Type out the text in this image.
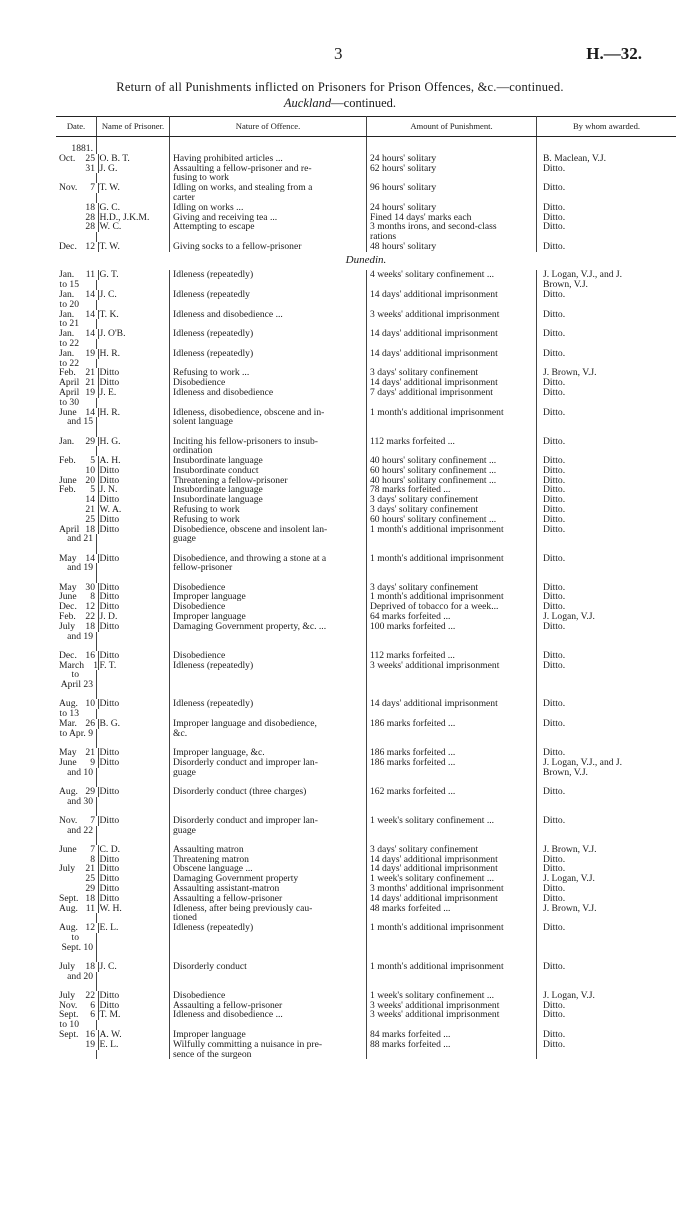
3	H.—32.
Return of all Punishments inflicted on Prisoners for Prison Offences, &c.—continued.
Auckland—continued.
Date.	Name of Prisoner.	Nature of Offence.	Amount of Punishment.	By whom awarded.

1881.				

Oct.	25 O. B. T.	Having prohibited articles ...	24 hours' solitary	B. Maclean, V.J.

31 J. G.	Assaulting a fellow-prisoner and re-	62 hours' solitary	Ditto.
		fusing to work		

Nov.	7 T. W.	Idling on works, and stealing from a	96 hours' solitary	Ditto.
		carter		

18 G. C.	Idling on works ...	24 hours' solitary	Ditto.

28 H.D., J.K.M.	Giving and receiving tea ...	Fined 14 days' marks each	Ditto.

28 W. C.	Attempting to escape	3 months irons, and second-class	Ditto.
			rations	

Dec. 12 T. W.	Giving socks to a fellow-prisoner	48 hours' solitary	Ditto.
Dunedin.				

Jan.	11 G. T.	Idleness (repeatedly)	4 weeks' solitary confinement ...	J. Logan, V.J., and J.
to 15				Brown, V.J.

Jan.	14 J. C.	Idleness (repeatedly	14 days' additional imprisonment	Ditto.
to 20				

Jan.	14 T. K.	Idleness and disobedience ...	3 weeks' additional imprisonment	Ditto.
to 21				

Jan.	14 J. O'B.	Idleness (repeatedly)	14 days' additional imprisonment	Ditto.
to 22				

Jan.	19 H. R.	Idleness (repeatedly)	14 days' additional imprisonment	Ditto.
to 22				

Feb.	21 Ditto	Refusing to work ...	3 days' solitary confinement	J. Brown, V.J.

April 21 Ditto	Disobedience	14 days' additional imprisonment	Ditto.

April 19 J. E.	Idleness and disobedience	7 days' additional imprisonment	Ditto.
to 30				

June 14 H. R.	Idleness, disobedience, obscene and in-	1 month's additional imprisonment	Ditto.
and 15		solent language		

Jan.	29 H. G.	Inciting his fellow-prisoners to insub-	112 marks forfeited ...	Ditto.
		ordination		

Feb.	5 A. H.	Insubordinate language	40 hours' solitary confinement ...	Ditto.

10 Ditto	Insubordinate conduct	60 hours' solitary confinement ...	Ditto.

June 20 Ditto	Threatening a fellow-prisoner	40 hours' solitary confinement ...	Ditto.

Feb.	5 J. N.	Insubordinate language	78 marks forfeited ...	Ditto.

14 Ditto	Insubordinate language	3 days' solitary confinement	Ditto.

21 W. A.	Refusing to work	3 days' solitary confinement	Ditto.

25 Ditto	Refusing to work	60 hours' solitary confinement ...	Ditto.

April 18 Ditto	Disobedience, obscene and insolent lan-	1 month's additional imprisonment	Ditto.
and 21		guage		

May 14 Ditto	Disobedience, and throwing a stone at a	1 month's additional imprisonment	Ditto.
and 19		fellow-prisoner		

May 30 Ditto	Disobedience	3 days' solitary confinement	Ditto.

June	8 Ditto	Improper language	1 month's additional imprisonment	Ditto.

Dec. 12 Ditto	Disobedience	Deprived of tobacco for a week...	Ditto.

Feb.	22 J. D.	Improper language	64 marks forfeited ...	J. Logan, V.J.

July	18 Ditto	Damaging Government property, &c. ...	100 marks forfeited ...	Ditto.
and 19				

Dec. 16 Ditto	Disobedience	112 marks forfeited ...	Ditto.

March 1 F. T.	Idleness (repeatedly)	3 weeks' additional imprisonment	Ditto.
to				
April 23				

Aug. 10 Ditto	Idleness (repeatedly)	14 days' additional imprisonment	Ditto.
to 13				

Mar. 26 B. G.	Improper language and disobedience,	186 marks forfeited ...	Ditto.
to Apr. 9		&c.		

May 21 Ditto	Improper language, &c.	186 marks forfeited ...	Ditto.

June	9 Ditto	Disorderly conduct and improper lan-	186 marks forfeited ...	J. Logan, V.J., and J.
and 10		guage		Brown, V.J.

Aug. 29 Ditto	Disorderly conduct (three charges)	162 marks forfeited ...	Ditto.
and 30				

Nov.	7 Ditto	Disorderly conduct and improper lan-	1 week's solitary confinement ...	Ditto.
and 22		guage		

June	7 C. D.	Assaulting matron	3 days' solitary confinement	J. Brown, V.J.

8 Ditto	Threatening matron	14 days' additional imprisonment	Ditto.

July	21 Ditto	Obscene language ...	14 days' additional imprisonment	Ditto.

25 Ditto	Damaging Government property	1 week's solitary confinement ...	J. Logan, V.J.

29 Ditto	Assaulting assistant-matron	3 months' additional imprisonment	Ditto.

Sept. 18 Ditto	Assaulting a fellow-prisoner	14 days' additional imprisonment	Ditto.

Aug. 11 W. H.	Idleness, after being previously cau-	48 marks forfeited ...	J. Brown, V.J.
		tioned		

Aug. 12 E. L.	Idleness (repeatedly)	1 month's additional imprisonment	Ditto.
to				
Sept. 10				

July	18 J. C.	Disorderly conduct	1 month's additional imprisonment	Ditto.
and 20				

July	22 Ditto	Disobedience	1 week's solitary confinement ...	J. Logan, V.J.

Nov.	6 Ditto	Assaulting a fellow-prisoner	3 weeks' additional imprisonment	Ditto.

Sept.	6 T. M.	Idleness and disobedience ...	3 weeks' additional imprisonment	Ditto.
to 10				

Sept. 16 A. W.	Improper language	84 marks forfeited ...	Ditto.

19 E. L.	Wilfully committing a nuisance in pre-	88 marks forfeited ...	Ditto.
		sence of the surgeon		
